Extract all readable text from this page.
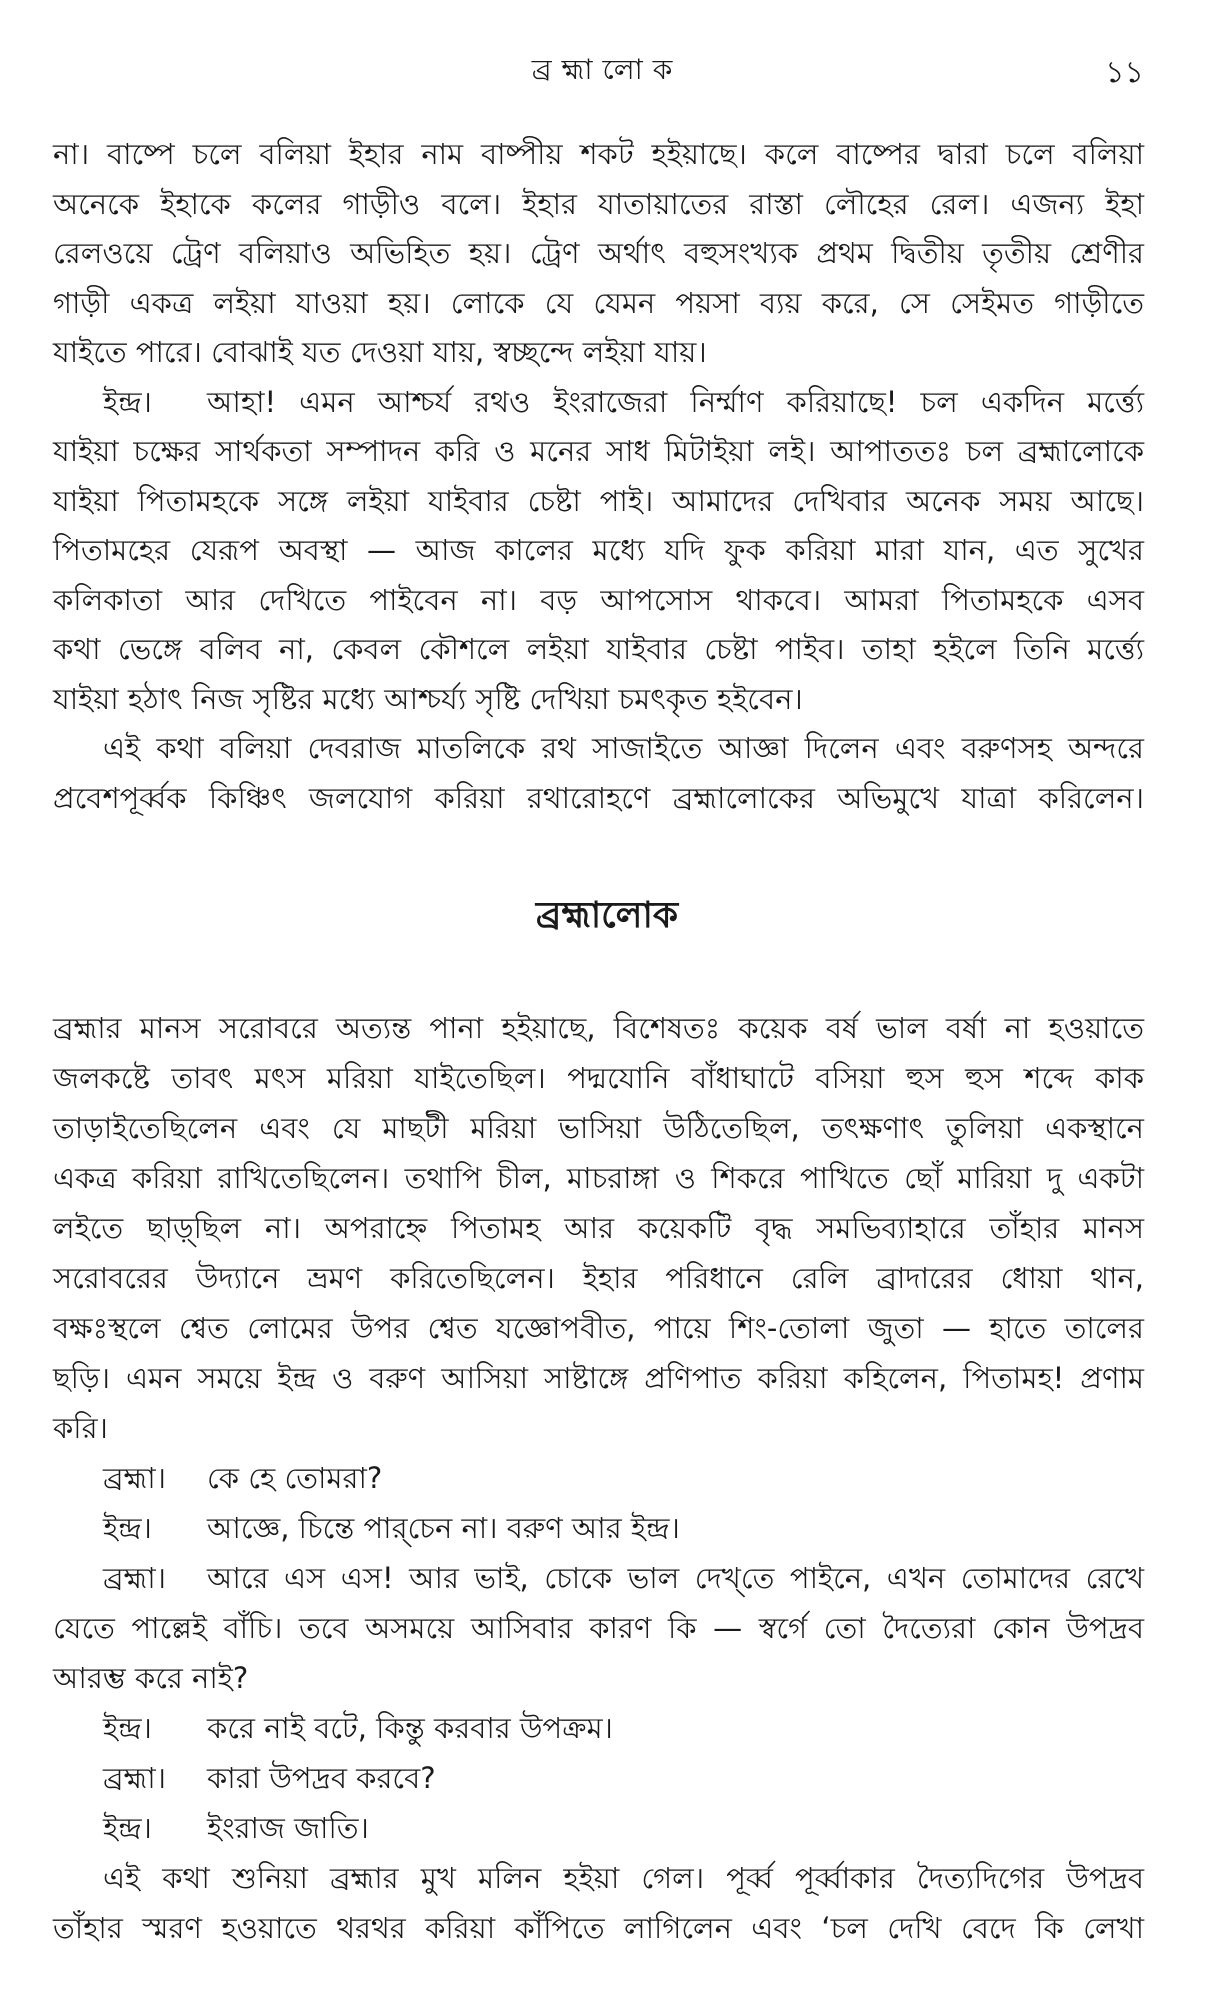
ব্রহ্মালোক	১১
না। বাষ্পে চলে বলিয়া ইহার নাম বাষ্পীয় শকট হইয়াছে। কলে বাষ্পের দ্বারা চলে বলিয়া
অনেকে ইহাকে কলের গাড়ীও বলে। ইহার যাতায়াতের রাস্তা লৌহের রেল। এজন্য ইহা
রেলওয়ে ট্রেণ বলিয়াও অভিহিত হয়। ট্রেণ অর্থাৎ বহুসংখ্যক প্রথম দ্বিতীয় তৃতীয় শ্রেণীর
গাড়ী একত্র লইয়া যাওয়া হয়। লোকে যে যেমন পয়সা ব্যয় করে, সে সেইমত গাড়ীতে
যাইতে পারে। বোঝাই যত দেওয়া যায়, স্বচ্ছন্দে লইয়া যায়।
ইন্দ্র।	আহা! এমন আশ্চর্য রথও ইংরাজেরা নির্ম্মাণ করিয়াছে! চল একদিন মর্ত্ত্যে
যাইয়া চক্ষের সার্থকতা সম্পাদন করি ও মনের সাধ মিটাইয়া লই। আপাততঃ চল ব্রহ্মালোকে
যাইয়া পিতামহকে সঙ্গে লইয়া যাইবার চেষ্টা পাই। আমাদের দেখিবার অনেক সময় আছে।
পিতামহের যেরূপ অবস্থা — আজ কালের মধ্যে যদি ফুক করিয়া মারা যান, এত সুখের
কলিকাতা আর দেখিতে পাইবেন না। বড় আপসোস থাকবে। আমরা পিতামহকে এসব
কথা ভেঙ্গে বলিব না, কেবল কৌশলে লইয়া যাইবার চেষ্টা পাইব। তাহা হইলে তিনি মর্ত্ত্যে
যাইয়া হঠাৎ নিজ সৃষ্টির মধ্যে আশ্চর্য্য সৃষ্টি দেখিয়া চমৎকৃত হইবেন।
এই কথা বলিয়া দেবরাজ মাতলিকে রথ সাজাইতে আজ্ঞা দিলেন এবং বরুণসহ অন্দরে
প্রবেশপূর্ব্বক কিঞ্চিৎ জলযোগ করিয়া রথারোহণে ব্রহ্মালোকের অভিমুখে যাত্রা করিলেন।
ব্রহ্মালোক
ব্রহ্মার মানস সরোবরে অত্যন্ত পানা হইয়াছে, বিশেষতঃ কয়েক বর্ষ ভাল বর্ষা না হওয়াতে
জলকষ্টে তাবৎ মৎস মরিয়া যাইতেছিল। পদ্মযোনি বাঁধাঘাটে বসিয়া হুস হুস শব্দে কাক
তাড়াইতেছিলেন এবং যে মাছটী মরিয়া ভাসিয়া উঠিতেছিল, তৎক্ষণাৎ তুলিয়া একস্থানে
একত্র করিয়া রাখিতেছিলেন। তথাপি চীল, মাচরাঙ্গা ও শিকরে পাখিতে ছোঁ মারিয়া দু একটা
লইতে ছাড়্‌ছিল না। অপরাহ্নে পিতামহ আর কয়েকটি বৃদ্ধ সমভিব্যাহারে তাঁহার মানস
সরোবরের উদ্যানে ভ্রমণ করিতেছিলেন। ইহার পরিধানে রেলি ব্রাদারের ধোয়া থান,
বক্ষঃস্থলে শ্বেত লোমের উপর শ্বেত যজ্ঞোপবীত, পায়ে শিং-তোলা জুতা — হাতে তালের
ছড়ি। এমন সময়ে ইন্দ্র ও বরুণ আসিয়া সাষ্টাঙ্গে প্রণিপাত করিয়া কহিলেন, পিতামহ! প্রণাম
করি।
ব্রহ্মা।	কে হে তোমরা?
ইন্দ্র।	আজ্ঞে, চিন্তে পার্‌চেন না। বরুণ আর ইন্দ্র।
ব্রহ্মা।	আরে এস এস! আর ভাই, চোকে ভাল দেখ্‌তে পাইনে, এখন তোমাদের রেখে
যেতে পাল্লেই বাঁচি। তবে অসময়ে আসিবার কারণ কি — স্বর্গে তো দৈত্যেরা কোন উপদ্রব
আরম্ভ করে নাই?
ইন্দ্র।	করে নাই বটে, কিন্তু করবার উপক্রম।
ব্রহ্মা।	কারা উপদ্রব করবে?
ইন্দ্র।	ইংরাজ জাতি।
এই কথা শুনিয়া ব্রহ্মার মুখ মলিন হইয়া গেল। পূর্ব্ব পূর্ব্বাকার দৈত্যদিগের উপদ্রব
তাঁহার স্মরণ হওয়াতে থরথর করিয়া কাঁপিতে লাগিলেন এবং ‘চল দেখি বেদে কি লেখা
